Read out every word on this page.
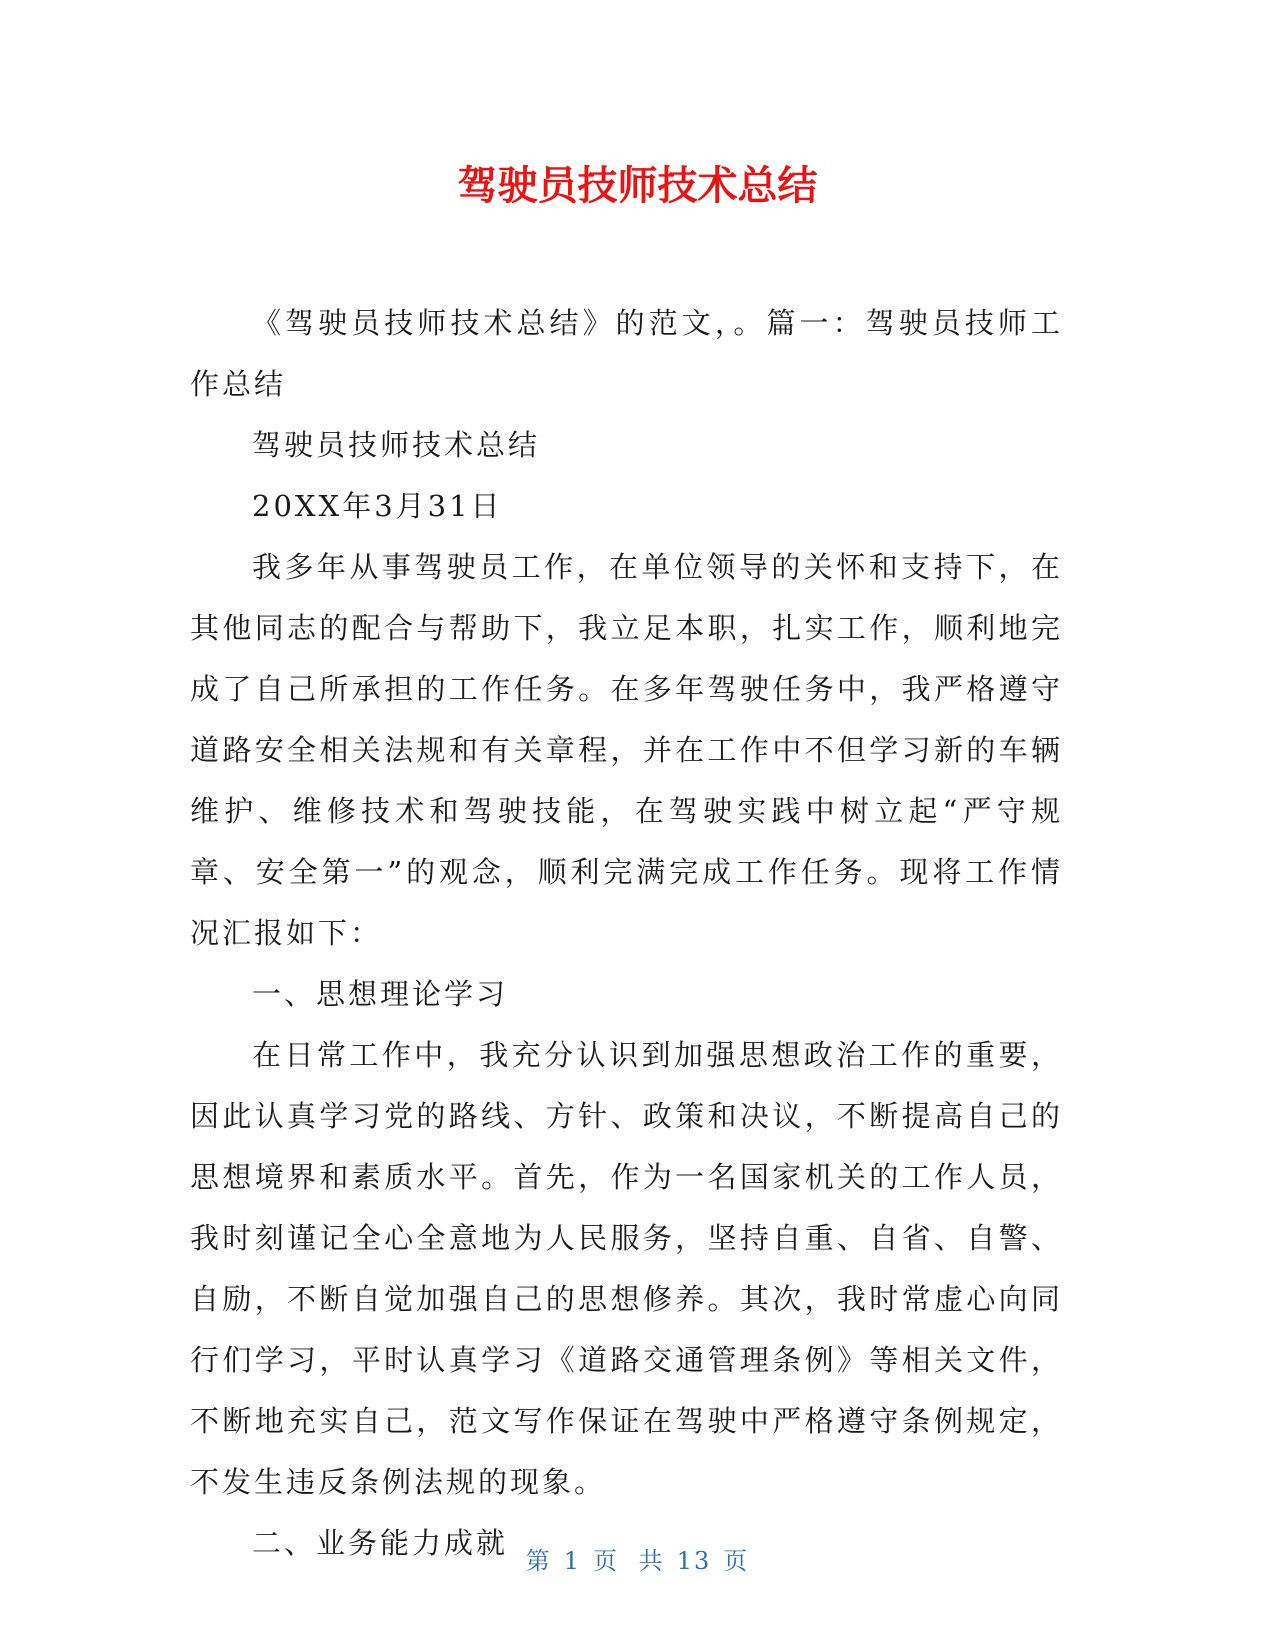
驾驶员技师技术总结

《驾驶员技师技术总结》的范文，。篇一：驾驶员技师工作总结

驾驶员技师技术总结

20XX年3月31日

我多年从事驾驶员工作，在单位领导的关怀和支持下，在其他同志的配合与帮助下，我立足本职，扎实工作，顺利地完成了自己所承担的工作任务。在多年驾驶任务中，我严格遵守道路安全相关法规和有关章程，并在工作中不但学习新的车辆维护、维修技术和驾驶技能，在驾驶实践中树立起“严守规章、安全第一”的观念，顺利完满完成工作任务。现将工作情况汇报如下：

一、思想理论学习

在日常工作中，我充分认识到加强思想政治工作的重要，因此认真学习党的路线、方针、政策和决议，不断提高自己的思想境界和素质水平。首先，作为一名国家机关的工作人员，我时刻谨记全心全意地为人民服务，坚持自重、自省、自警、自励，不断自觉加强自己的思想修养。其次，我时常虚心向同行们学习，平时认真学习《道路交通管理条例》等相关文件，不断地充实自己，范文写作保证在驾驶中严格遵守条例规定，不发生违反条例法规的现象。

二、业务能力成就

第 1 页 共 13 页
